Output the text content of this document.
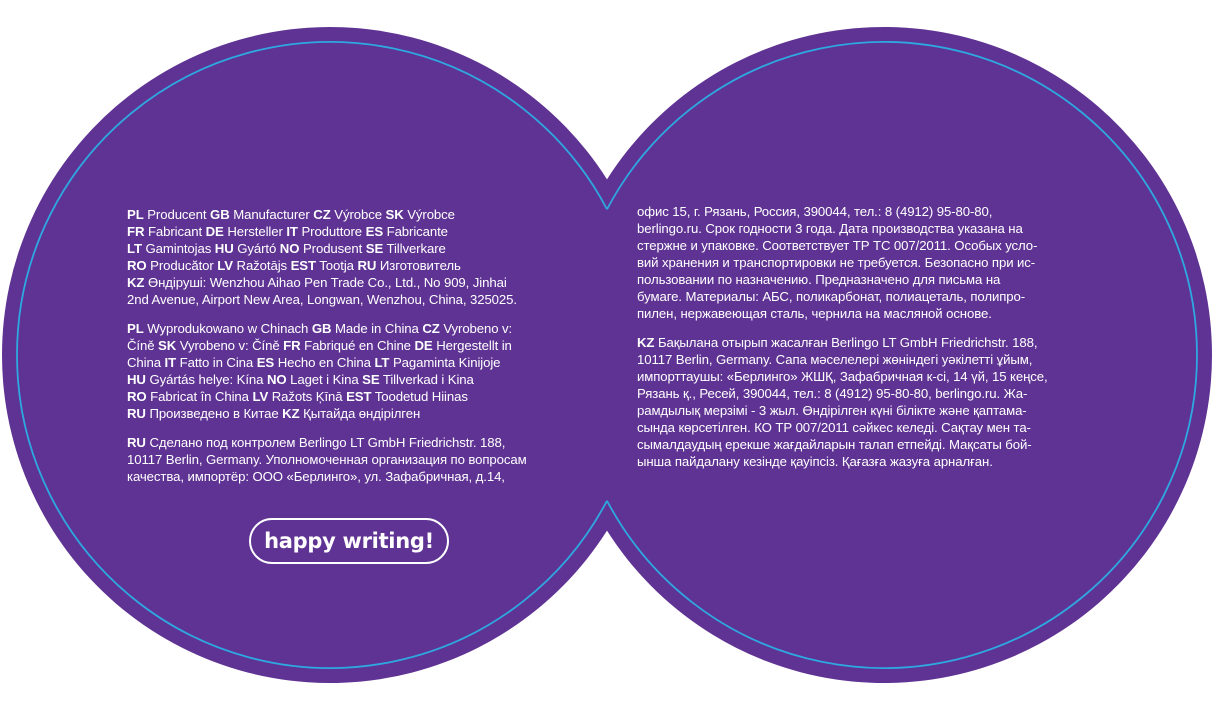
PL Producent GB Manufacturer CZ Výrobce SK Výrobce

FR Fabricant DE Hersteller IT Produttore ES Fabricante

LT Gamintojas HU Gyártó NO Produsent SE Tillverkare

RO Producător LV Ražotājs EST Tootja RU Изготовитель

KZ Өндіруші: Wenzhou Aihao Pen Trade Co., Ltd., No 909, Jinhai

2nd Avenue, Airport New Area, Longwan, Wenzhou, China, 325025.

PL Wyprodukowano w Chinach GB Made in China CZ Vyrobeno v:

Číně SK Vyrobeno v: Číně FR Fabriqué en Chine DE Hergestellt in

China IT Fatto in Cina ES Hecho en China LT Pagaminta Kinijoje

HU Gyártás helye: Kína NO Laget i Kina SE Tillverkad i Kina

RO Fabricat în China LV Ražots Ķīnā EST Toodetud Hiinas

RU Произведено в Китае KZ Қытайда өндірілген

RU Сделано под контролем Berlingo LT GmbH Friedrichstr. 188,

10117 Berlin, Germany. Уполномоченная организация по вопросам

качества, импортёр: ООО «Берлинго», ул. Зафабричная, д.14,

офис 15, г. Рязань, Россия, 390044, тел.: 8 (4912) 95-80-80,

berlingo.ru. Срок годности 3 года. Дата производства указана на

стержне и упаковке. Соответствует ТР ТС 007/2011. Особых усло-

вий хранения и транспортировки не требуется. Безопасно при ис-

пользовании по назначению. Предназначено для письма на

бумаге. Материалы: АБС, поликарбонат, полиацеталь, полипро-

пилен, нержавеющая сталь, чернила на масляной основе.

KZ Бақылана отырып жасалған Berlingo LT GmbH Friedrichstr. 188,

10117 Berlin, Germany. Сапа мәселелері жөніндегі уәкілетті ұйым,

импорттаушы: «Берлинго» ЖШҚ, Зафабричная к-сі, 14 үй, 15 кеңсе,

Рязань қ., Ресей, 390044, тел.: 8 (4912) 95-80-80, berlingo.ru. Жа-

рамдылық мерзімі - 3 жыл. Өндірілген күні білікте және қаптама-

сында көрсетілген. КО ТР 007/2011 сәйкес келеді. Сақтау мен та-

сымалдаудың ерекше жағдайларын талап етпейді. Мақсаты бой-

ынша пайдалану кезінде қауіпсіз. Қағазға жазуға арналған.

happy writing!
